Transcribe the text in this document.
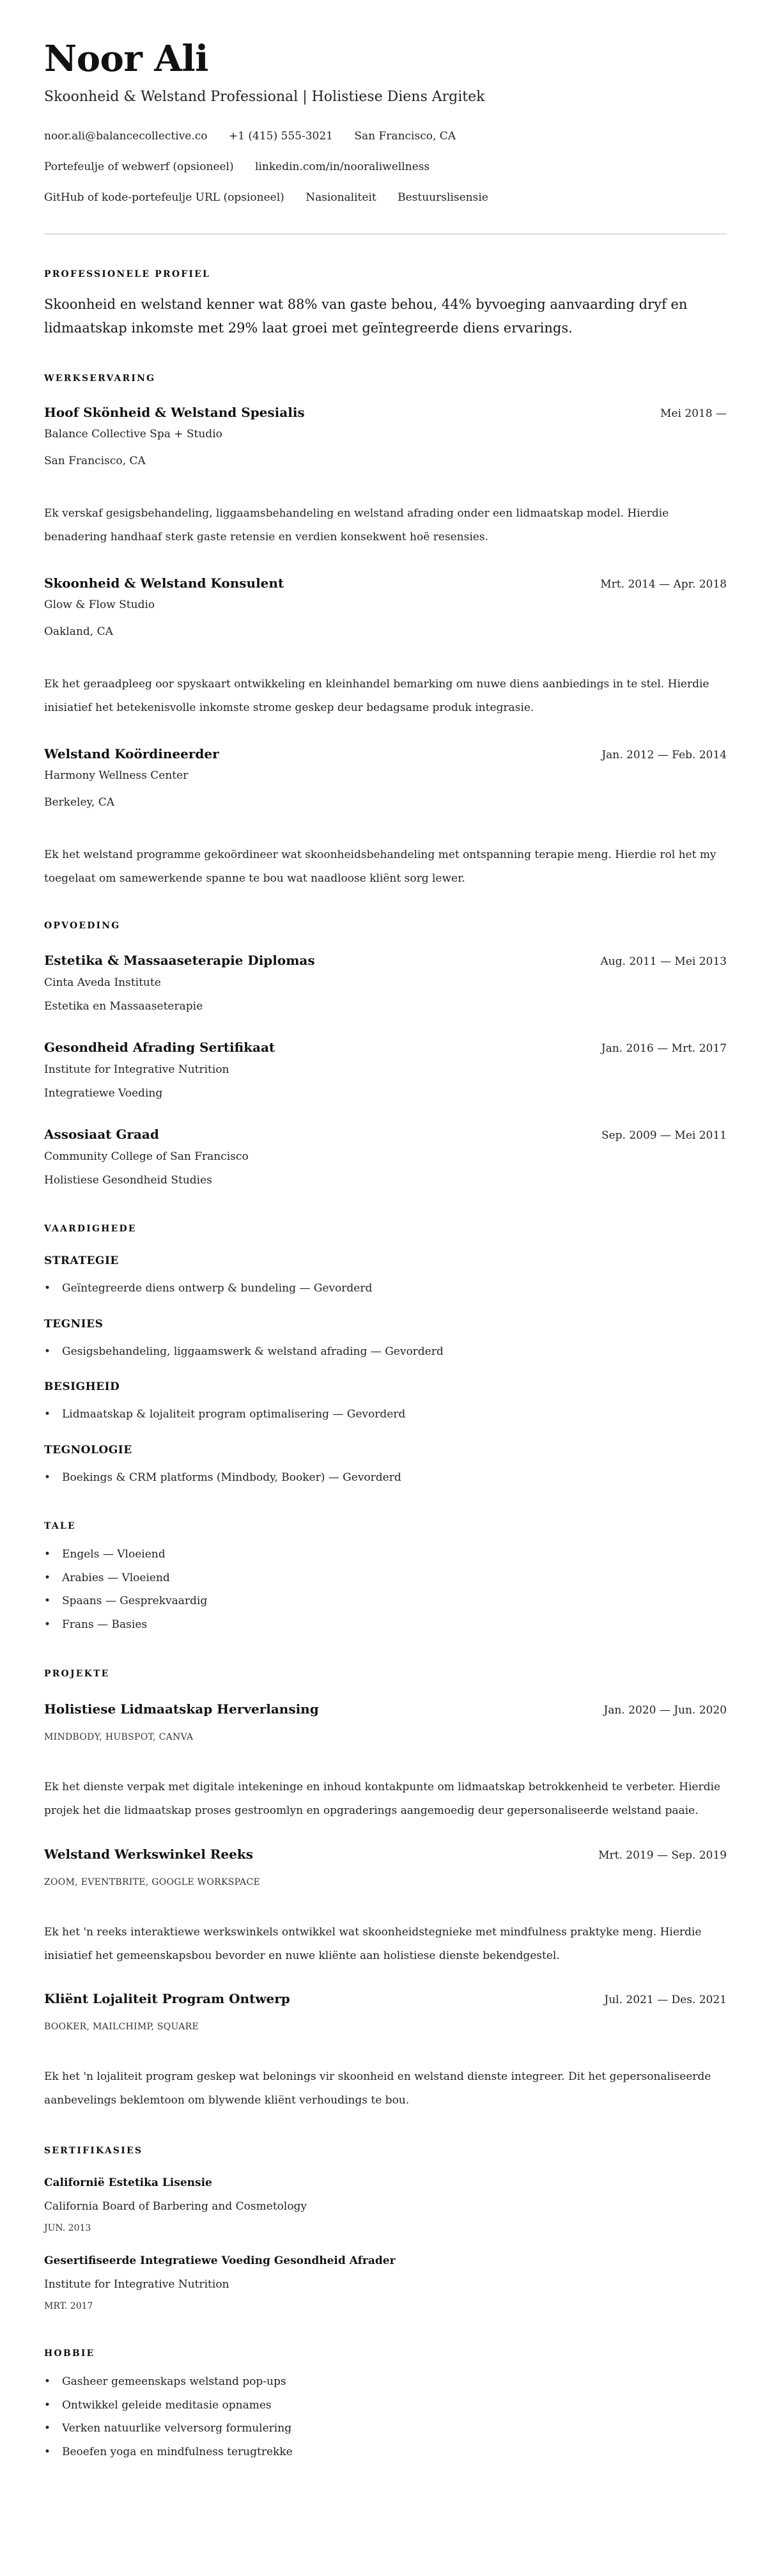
Noor Ali
Skoonheid & Welstand Professional | Holistiese Diens Argitek
noor.ali@balancecollective.co +1 (415) 555-3021 San Francisco, CA
Portefeulje of webwerf (opsioneel) linkedin.com/in/nooraliwellness
GitHub of kode-portefeulje URL (opsioneel) Nasionaliteit Bestuurslisensie
PROFESSIONELE PROFIEL
Skoonheid en welstand kenner wat 88% van gaste behou, 44% byvoeging aanvaarding dryf en lidmaatskap inkomste met 29% laat groei met geïntegreerde diens ervarings.
WERKSERVARING
Hoof Skönheid & Welstand Spesialis	Mei 2018 —
Balance Collective Spa + Studio
San Francisco, CA
Ek verskaf gesigsbehandeling, liggaamsbehandeling en welstand afrading onder een lidmaatskap model. Hierdie benadering handhaaf sterk gaste retensie en verdien konsekwent hoë resensies.
Skoonheid & Welstand Konsulent	Mrt. 2014 — Apr. 2018
Glow & Flow Studio
Oakland, CA
Ek het geraadpleeg oor spyskaart ontwikkeling en kleinhandel bemarking om nuwe diens aanbiedings in te stel. Hierdie inisiatief het betekenisvolle inkomste strome geskep deur bedagsame produk integrasie.
Welstand Koördineerder	Jan. 2012 — Feb. 2014
Harmony Wellness Center
Berkeley, CA
Ek het welstand programme gekoördineer wat skoonheidsbehandeling met ontspanning terapie meng. Hierdie rol het my toegelaat om samewerkende spanne te bou wat naadloose kliënt sorg lewer.
OPVOEDING
Estetika & Massaaseterapie Diplomas	Aug. 2011 — Mei 2013
Cinta Aveda Institute
Estetika en Massaaseterapie
Gesondheid Afrading Sertifikaat	Jan. 2016 — Mrt. 2017
Institute for Integrative Nutrition
Integratiewe Voeding
Assosiaat Graad	Sep. 2009 — Mei 2011
Community College of San Francisco
Holistiese Gesondheid Studies
VAARDIGHEDE
STRATEGIE
• Geïntegreerde diens ontwerp & bundeling — Gevorderd
TEGNIES
• Gesigsbehandeling, liggaamswerk & welstand afrading — Gevorderd
BESIGHEID
• Lidmaatskap & lojaliteit program optimalisering — Gevorderd
TEGNOLOGIE
• Boekings & CRM platforms (Mindbody, Booker) — Gevorderd
TALE
• Engels — Vloeiend
• Arabies — Vloeiend
• Spaans — Gesprekvaardig
• Frans — Basies
PROJEKTE
Holistiese Lidmaatskap Herverlansing	Jan. 2020 — Jun. 2020
MINDBODY, HUBSPOT, CANVA
Ek het dienste verpak met digitale intekeninge en inhoud kontakpunte om lidmaatskap betrokkenheid te verbeter. Hierdie projek het die lidmaatskap proses gestroomlyn en opgraderings aangemoedig deur gepersonaliseerde welstand paaie.
Welstand Werkswinkel Reeks	Mrt. 2019 — Sep. 2019
ZOOM, EVENTBRITE, GOOGLE WORKSPACE
Ek het 'n reeks interaktiewe werkswinkels ontwikkel wat skoonheidstegnieke met mindfulness praktyke meng. Hierdie inisiatief het gemeenskapsbou bevorder en nuwe kliënte aan holistiese dienste bekendgestel.
Kliënt Lojaliteit Program Ontwerp	Jul. 2021 — Des. 2021
BOOKER, MAILCHIMP, SQUARE
Ek het 'n lojaliteit program geskep wat belonings vir skoonheid en welstand dienste integreer. Dit het gepersonaliseerde aanbevelings beklemtoon om blywende kliënt verhoudings te bou.
SERTIFIKASIES
Californië Estetika Lisensie
California Board of Barbering and Cosmetology
JUN. 2013
Gesertifiseerde Integratiewe Voeding Gesondheid Afrader
Institute for Integrative Nutrition
MRT. 2017
HOBBIE
• Gasheer gemeenskaps welstand pop-ups
• Ontwikkel geleide meditasie opnames
• Verken natuurlike velversorg formulering
• Beoefen yoga en mindfulness terugtrekke
